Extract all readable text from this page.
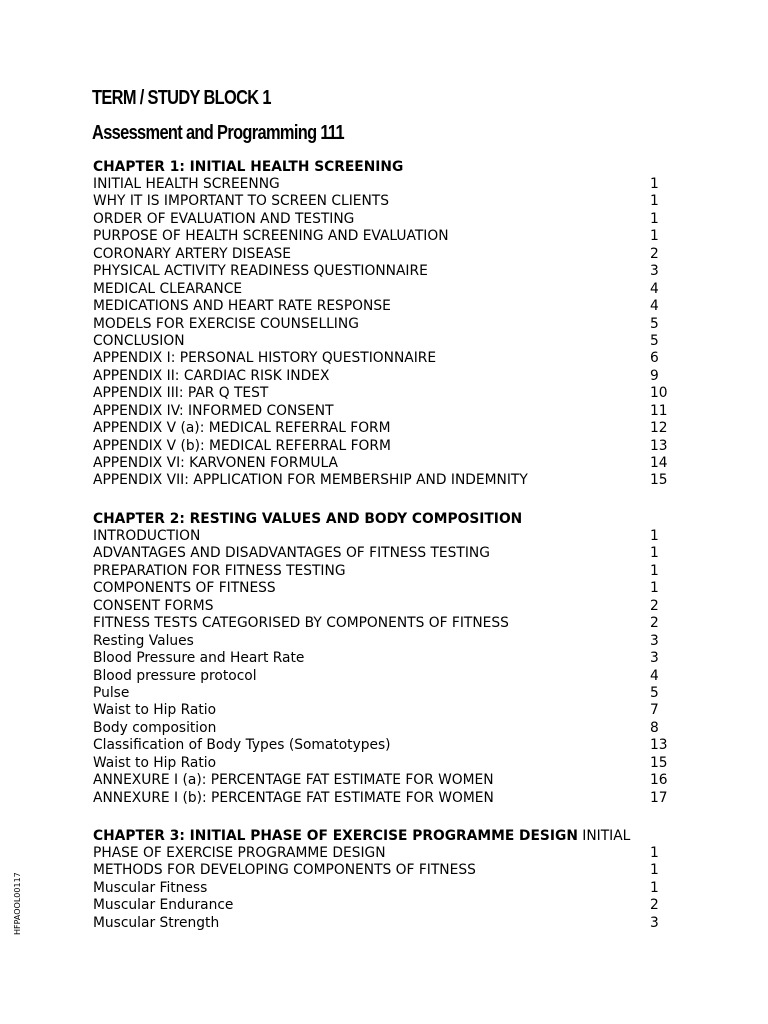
TERM / STUDY BLOCK 1
Assessment and Programming 111
CHAPTER 1: INITIAL HEALTH SCREENING
INITIAL HEALTH SCREENNG	1
WHY IT IS IMPORTANT TO SCREEN CLIENTS	1
ORDER OF EVALUATION AND TESTING	1
PURPOSE OF HEALTH SCREENING AND EVALUATION	1
CORONARY ARTERY DISEASE	2
PHYSICAL ACTIVITY READINESS QUESTIONNAIRE	3
MEDICAL CLEARANCE	4
MEDICATIONS AND HEART RATE RESPONSE	4
MODELS FOR EXERCISE COUNSELLING	5
CONCLUSION	5
APPENDIX I: PERSONAL HISTORY QUESTIONNAIRE	6
APPENDIX II: CARDIAC RISK INDEX	9
APPENDIX III: PAR Q TEST	10
APPENDIX IV: INFORMED CONSENT	11
APPENDIX V (a): MEDICAL REFERRAL FORM	12
APPENDIX V (b): MEDICAL REFERRAL FORM	13
APPENDIX VI: KARVONEN FORMULA	14
APPENDIX VII: APPLICATION FOR MEMBERSHIP AND INDEMNITY	15
CHAPTER 2: RESTING VALUES AND BODY COMPOSITION
INTRODUCTION	1
ADVANTAGES AND DISADVANTAGES OF FITNESS TESTING	1
PREPARATION FOR FITNESS TESTING	1
COMPONENTS OF FITNESS	1
CONSENT FORMS	2
FITNESS TESTS CATEGORISED BY COMPONENTS OF FITNESS	2
Resting Values	3
Blood Pressure and Heart Rate	3
Blood pressure protocol	4
Pulse	5
Waist to Hip Ratio	7
Body composition	8
Classification of Body Types (Somatotypes)	13
Waist to Hip Ratio	15
ANNEXURE I (a): PERCENTAGE FAT ESTIMATE FOR WOMEN	16
ANNEXURE I (b): PERCENTAGE FAT ESTIMATE FOR WOMEN	17
CHAPTER 3: INITIAL PHASE OF EXERCISE PROGRAMME DESIGN INITIAL
PHASE OF EXERCISE PROGRAMME DESIGN	1
METHODS FOR DEVELOPING COMPONENTS OF FITNESS	1
Muscular Fitness	1
Muscular Endurance	2
Muscular Strength	3
HFPAOOL00117
